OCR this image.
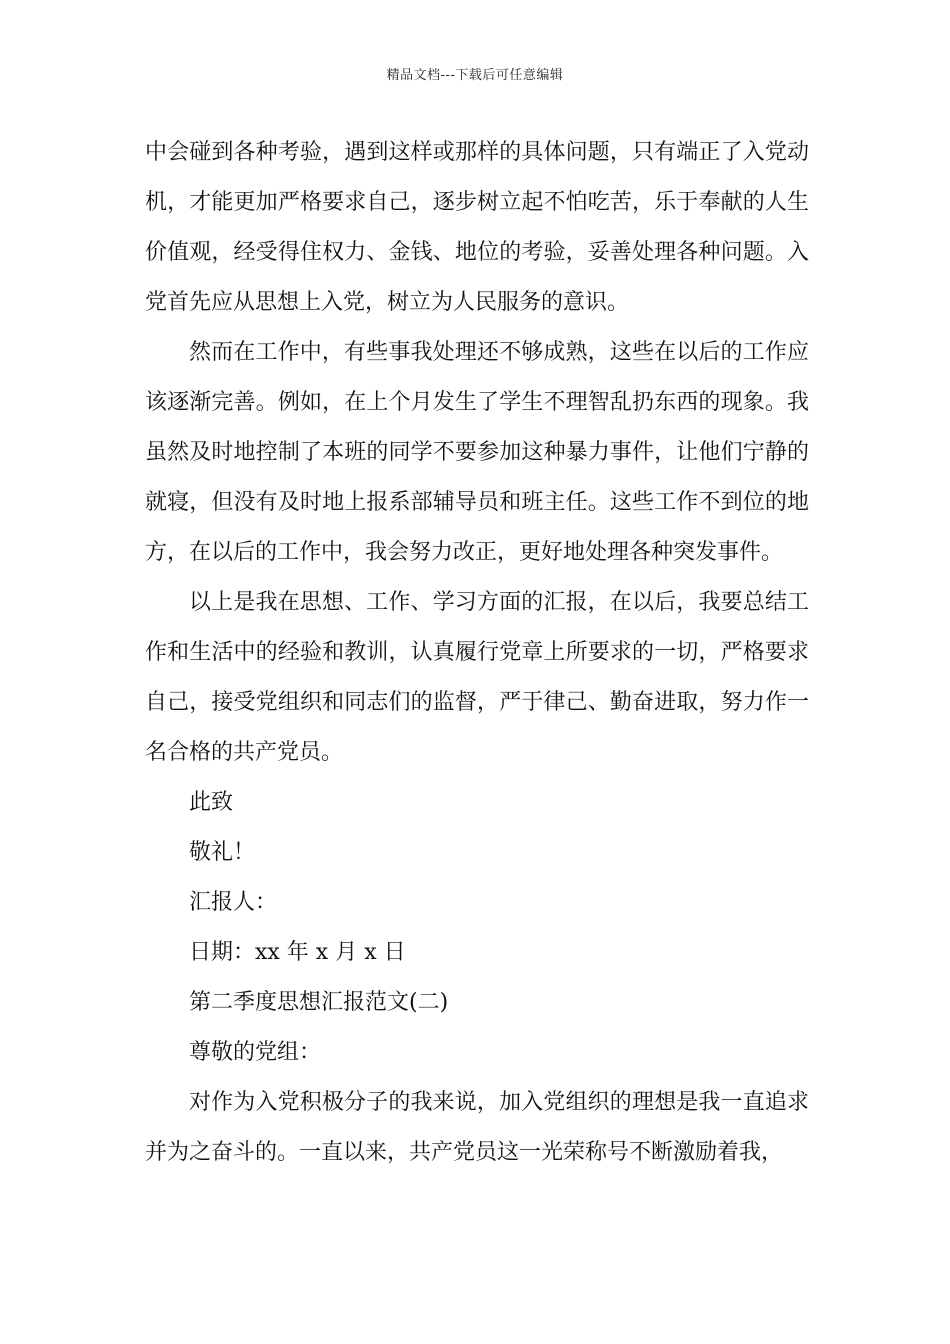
精品文档---下载后可任意编辑

中会碰到各种考验，遇到这样或那样的具体问题，只有端正了入党动机，才能更加严格要求自己，逐步树立起不怕吃苦，乐于奉献的人生价值观，经受得住权力、金钱、地位的考验，妥善处理各种问题。入党首先应从思想上入党，树立为人民服务的意识。

然而在工作中，有些事我处理还不够成熟，这些在以后的工作应该逐渐完善。例如，在上个月发生了学生不理智乱扔东西的现象。我虽然及时地控制了本班的同学不要参加这种暴力事件，让他们宁静的就寝，但没有及时地上报系部辅导员和班主任。这些工作不到位的地方，在以后的工作中，我会努力改正，更好地处理各种突发事件。

以上是我在思想、工作、学习方面的汇报，在以后，我要总结工作和生活中的经验和教训，认真履行党章上所要求的一切，严格要求自己，接受党组织和同志们的监督，严于律己、勤奋进取，努力作一名合格的共产党员。

此致

敬礼！

汇报人：

日期：xx 年 x 月 x 日

第二季度思想汇报范文(二)

尊敬的党组：

对作为入党积极分子的我来说，加入党组织的理想是我一直追求并为之奋斗的。一直以来，共产党员这一光荣称号不断激励着我，
